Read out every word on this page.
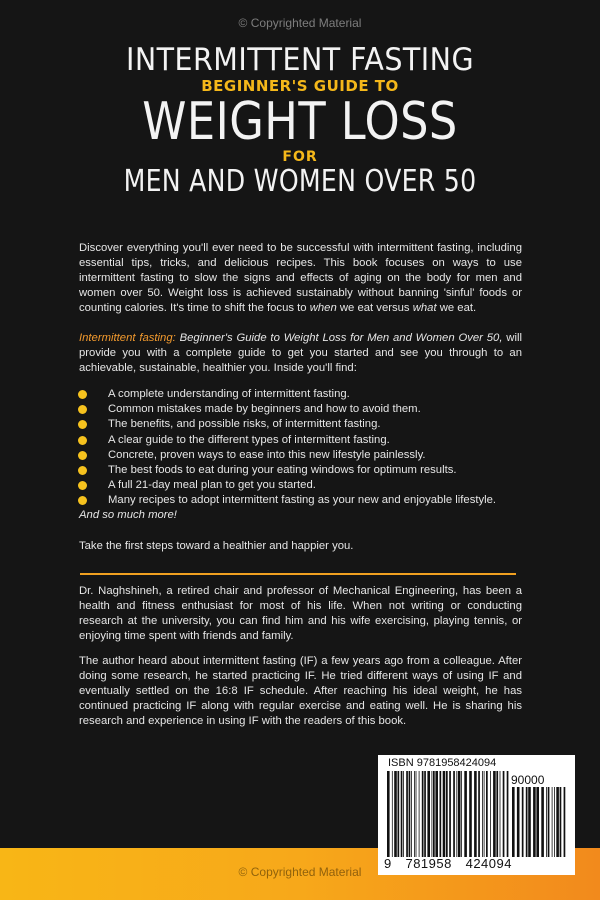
© Copyrighted Material
INTERMITTENT FASTING
BEGINNER'S GUIDE TO
WEIGHT LOSS
FOR
MEN AND WOMEN OVER 50
Discover everything you'll ever need to be successful with intermittent fasting, including essential tips, tricks, and delicious recipes. This book focuses on ways to use intermittent fasting to slow the signs and effects of aging on the body for men and women over 50. Weight loss is achieved sustainably without banning 'sinful' foods or counting calories. It's time to shift the focus to when we eat versus what we eat.
Intermittent fasting: Beginner's Guide to Weight Loss for Men and Women Over 50, will provide you with a complete guide to get you started and see you through to an achievable, sustainable, healthier you. Inside you'll find:
A complete understanding of intermittent fasting.
Common mistakes made by beginners and how to avoid them.
The benefits, and possible risks, of intermittent fasting.
A clear guide to the different types of intermittent fasting.
Concrete, proven ways to ease into this new lifestyle painlessly.
The best foods to eat during your eating windows for optimum results.
A full 21-day meal plan to get you started.
Many recipes to adopt intermittent fasting as your new and enjoyable lifestyle.
And so much more!
Take the first steps toward a healthier and happier you.
Dr. Naghshineh, a retired chair and professor of Mechanical Engineering, has been a health and fitness enthusiast for most of his life. When not writing or conducting research at the university, you can find him and his wife exercising, playing tennis, or enjoying time spent with friends and family.
The author heard about intermittent fasting (IF) a few years ago from a colleague. After doing some research, he started practicing IF. He tried different ways of using IF and eventually settled on the 16:8 IF schedule. After reaching his ideal weight, he has continued practicing IF along with regular exercise and eating well. He is sharing his research and experience in using IF with the readers of this book.
© Copyrighted Material
ISBN 9781958424094
90000
9 781958 424094
